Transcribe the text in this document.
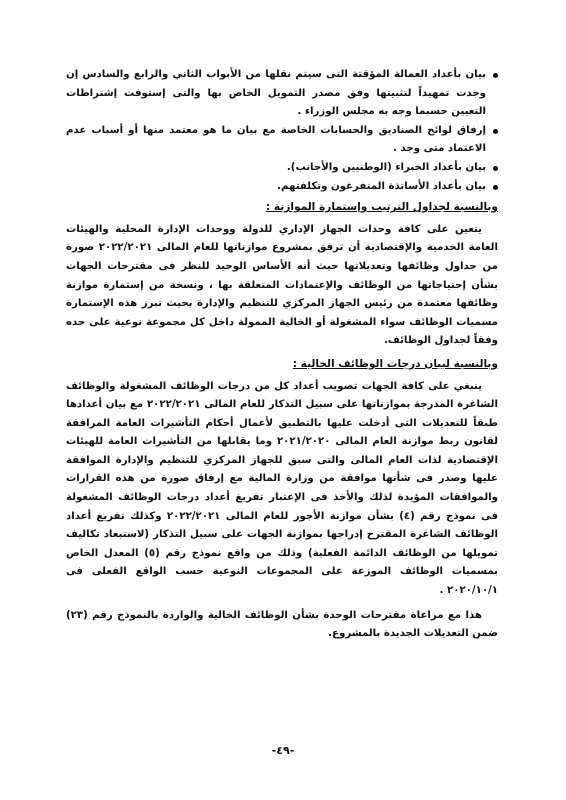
بيان بأعداد العمالة المؤقتة التى سيتم نقلها من الأبواب الثاني والرابع والسادس إن وجدت تمهيداً لتثبيتها وفق مصدر التمويل الخاص بها والتى إستوفت إشتراطات التعيين حسبما وجه به مجلس الوزراء .
إرفاق لوائح الصناديق والحسابات الخاصة مع بيان ما هو معتمد منها أو أسباب عدم الاعتماد متى وجد .
بيان بأعداد الخبراء (الوطنيين والأجانب).
بيان بأعداد الأساتذة المتفرغون وتكلفتهم.
وبالنسبة لجداول الترتيب وإستمارة الموازنة :

يتعين على كافة وحدات الجهاز الإداري للدولة ووحدات الإدارة المحلية والهيئات العامة الخدمية والإقتصادية أن ترفق بمشروع موازناتها للعام المالى ٢٠٢٢/٢٠٢١ صورة من جداول وظائفها وتعديلاتها حيث أنه الأساس الوحيد للنظر فى مقترحات الجهات بشأن إحتياجاتها من الوظائف والإعتمادات المتعلقة بها ، ونسخة من إستمارة موازنة وظائفها معتمدة من رئيس الجهاز المركزي للتنظيم والإدارة بحيث تبرز هذه الإستمارة مسميات الوظائف سواء المشغولة أو الخالية الممولة داخل كل مجموعة نوعية على حده وفقاً لجداول الوظائف.

وبالنسبة لبيان درجات الوظائف الخالية :

ينبغي على كافة الجهات تصويب أعداد كل من درجات الوظائف المشغولة والوظائف الشاغرة المدرجة بموازناتها على سبيل التذكار للعام المالى ٢٠٢٢/٢٠٢١ مع بيان أعدادها طبقاً للتعديلات التى أدخلت عليها بالتطبيق لأعمال أحكام التأشيرات العامة المرافقة لقانون ربط موازنة العام المالى ٢٠٢١/٢٠٢٠ وما يقابلها من التأشيرات العامة للهيئات الإقتصادية لذات العام المالى والتى سبق للجهاز المركزي للتنظيم والإدارة الموافقة عليها وصدر فى شأنها موافقة من وزارة المالية مع إرفاق صورة من هذه القرارات والموافقات المؤيدة لذلك والأخذ فى الإعتبار تفريغ أعداد درجات الوظائف المشغولة فى نموذج رقم (٤) بشأن موازنة الأجور للعام المالى ٢٠٢٢/٢٠٢١ وكذلك تفريغ أعداد الوظائف الشاغرة المقترح إدراجها بموازنة الجهات على سبيل التذكار (لاستبعاد تكاليف تمويلها من الوظائف الدائمة الفعلية) وذلك من واقع نموذج رقم (٥) المعدل الخاص بمسميات الوظائف الموزعة على المجموعات النوعية حسب الواقع الفعلى فى ٢٠٢٠/١٠/١ .

هذا مع مراعاة مقترحات الوحدة بشأن الوظائف الخالية والواردة بالنموذج رقم (٢٣) ضمن التعديلات الجديدة بالمشروع.

-٤٩-
